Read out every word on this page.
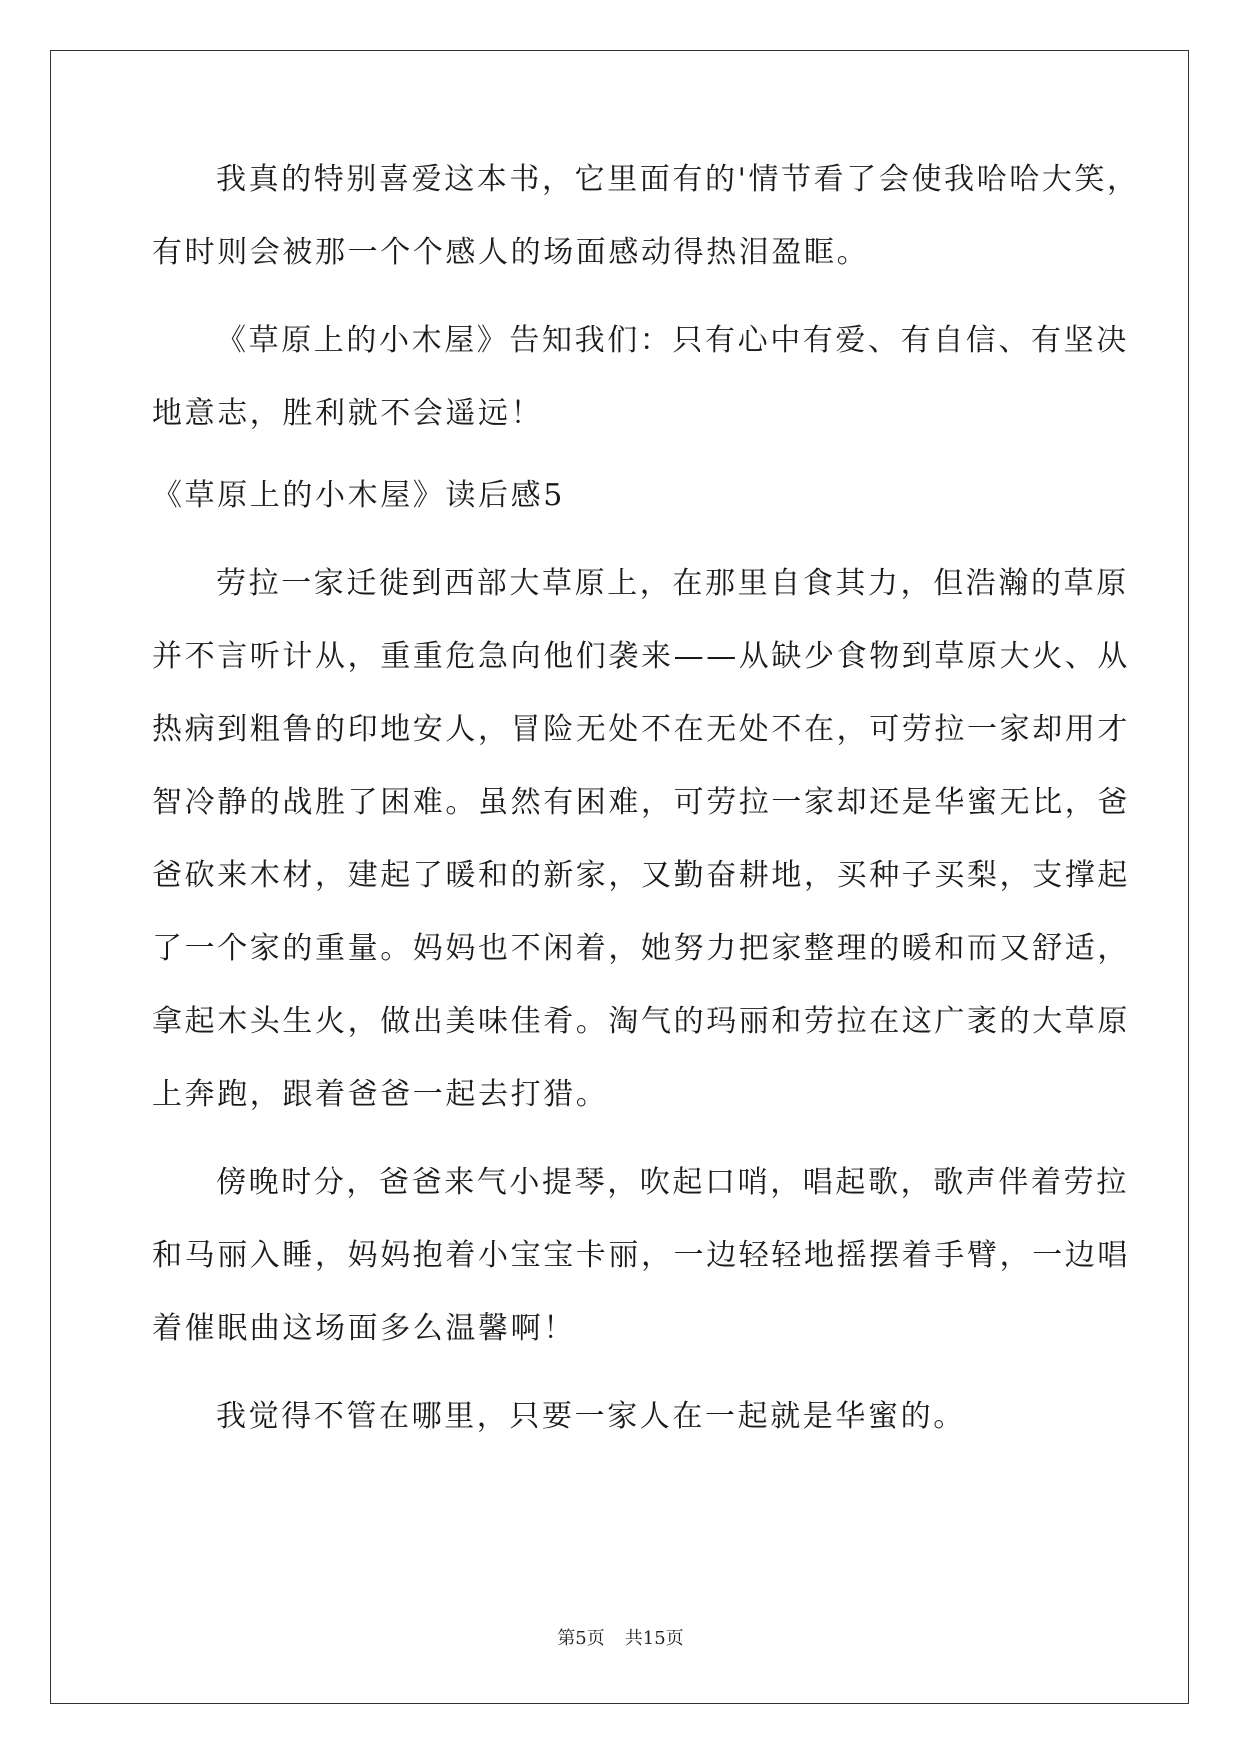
我真的特别喜爱这本书，它里面有的'情节看了会使我哈哈大笑，
有时则会被那一个个感人的场面感动得热泪盈眶。
《草原上的小木屋》告知我们：只有心中有爱、有自信、有坚决
地意志，胜利就不会遥远！
《草原上的小木屋》读后感5
劳拉一家迁徙到西部大草原上，在那里自食其力，但浩瀚的草原
并不言听计从，重重危急向他们袭来——从缺少食物到草原大火、从
热病到粗鲁的印地安人，冒险无处不在无处不在，可劳拉一家却用才
智冷静的战胜了困难。虽然有困难，可劳拉一家却还是华蜜无比，爸
爸砍来木材，建起了暖和的新家，又勤奋耕地，买种子买梨，支撑起
了一个家的重量。妈妈也不闲着，她努力把家整理的暖和而又舒适，
拿起木头生火，做出美味佳肴。淘气的玛丽和劳拉在这广袤的大草原
上奔跑，跟着爸爸一起去打猎。
傍晚时分，爸爸来气小提琴，吹起口哨，唱起歌，歌声伴着劳拉
和马丽入睡，妈妈抱着小宝宝卡丽，一边轻轻地摇摆着手臂，一边唱
着催眠曲这场面多么温馨啊！
我觉得不管在哪里，只要一家人在一起就是华蜜的。
第5页 共15页
